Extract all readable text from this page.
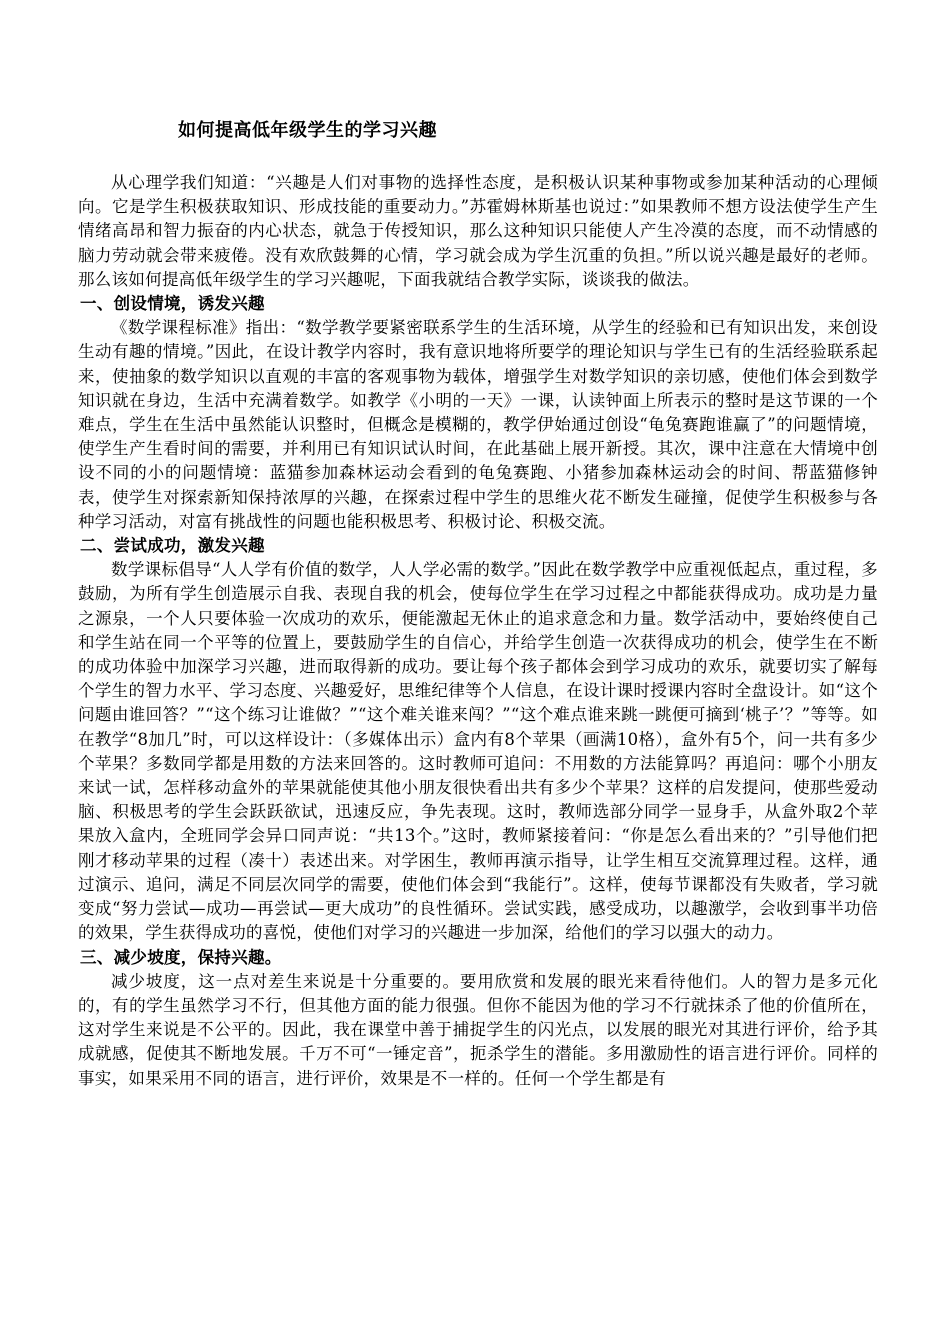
如何提高低年级学生的学习兴趣

从心理学我们知道：“兴趣是人们对事物的选择性态度，是积极认识某种事物或参加某种活动的心理倾向。它是学生积极获取知识、形成技能的重要动力。”苏霍姆林斯基也说过：”如果教师不想方设法使学生产生情绪高昂和智力振奋的内心状态，就急于传授知识，那么这种知识只能使人产生冷漠的态度，而不动情感的脑力劳动就会带来疲倦。没有欢欣鼓舞的心情，学习就会成为学生沉重的负担。”所以说兴趣是最好的老师。那么该如何提高低年级学生的学习兴趣呢，下面我就结合教学实际，谈谈我的做法。

一、创设情境，诱发兴趣

《数学课程标准》指出：“数学教学要紧密联系学生的生活环境，从学生的经验和已有知识出发，来创设生动有趣的情境。”因此，在设计教学内容时，我有意识地将所要学的理论知识与学生已有的生活经验联系起来，使抽象的数学知识以直观的丰富的客观事物为载体，增强学生对数学知识的亲切感，使他们体会到数学知识就在身边，生活中充满着数学。如教学《小明的一天》一课，认读钟面上所表示的整时是这节课的一个难点，学生在生活中虽然能认识整时，但概念是模糊的，教学伊始通过创设“龟兔赛跑谁赢了”的问题情境，使学生产生看时间的需要，并利用已有知识试认时间，在此基础上展开新授。其次，课中注意在大情境中创设不同的小的问题情境：蓝猫参加森林运动会看到的龟兔赛跑、小猪参加森林运动会的时间、帮蓝猫修钟表，使学生对探索新知保持浓厚的兴趣，在探索过程中学生的思维火花不断发生碰撞，促使学生积极参与各种学习活动，对富有挑战性的问题也能积极思考、积极讨论、积极交流。

二、尝试成功，激发兴趣

数学课标倡导“人人学有价值的数学，人人学必需的数学。”因此在数学教学中应重视低起点，重过程，多鼓励，为所有学生创造展示自我、表现自我的机会，使每位学生在学习过程之中都能获得成功。成功是力量之源泉，一个人只要体验一次成功的欢乐，便能激起无休止的追求意念和力量。数学活动中，要始终使自己和学生站在同一个平等的位置上，要鼓励学生的自信心，并给学生创造一次获得成功的机会，使学生在不断的成功体验中加深学习兴趣，进而取得新的成功。要让每个孩子都体会到学习成功的欢乐，就要切实了解每个学生的智力水平、学习态度、兴趣爱好，思维纪律等个人信息，在设计课时授课内容时全盘设计。如“这个问题由谁回答？”“这个练习让谁做？”“这个难关谁来闯？”“这个难点谁来跳一跳便可摘到‘桃子’？”等等。如在教学“8加几”时，可以这样设计：（多媒体出示）盒内有8个苹果（画满10格），盒外有5个，问一共有多少个苹果？多数同学都是用数的方法来回答的。这时教师可追问：不用数的方法能算吗？再追问：哪个小朋友来试一试，怎样移动盒外的苹果就能使其他小朋友很快看出共有多少个苹果？这样的启发提问，使那些爱动脑、积极思考的学生会跃跃欲试，迅速反应，争先表现。这时，教师选部分同学一显身手，从盒外取2个苹果放入盒内，全班同学会异口同声说：“共13个。”这时，教师紧接着问：“你是怎么看出来的？”引导他们把刚才移动苹果的过程（凑十）表述出来。对学困生，教师再演示指导，让学生相互交流算理过程。这样，通过演示、追问，满足不同层次同学的需要，使他们体会到“我能行”。这样，使每节课都没有失败者，学习就变成“努力尝试—成功—再尝试—更大成功”的良性循环。尝试实践，感受成功，以趣激学，会收到事半功倍的效果，学生获得成功的喜悦，使他们对学习的兴趣进一步加深，给他们的学习以强大的动力。

三、减少坡度，保持兴趣。

减少坡度，这一点对差生来说是十分重要的。要用欣赏和发展的眼光来看待他们。人的智力是多元化的，有的学生虽然学习不行，但其他方面的能力很强。但你不能因为他的学习不行就抹杀了他的价值所在，这对学生来说是不公平的。因此，我在课堂中善于捕捉学生的闪光点，以发展的眼光对其进行评价，给予其成就感，促使其不断地发展。千万不可“一锤定音”，扼杀学生的潜能。多用激励性的语言进行评价。同样的事实，如果采用不同的语言，进行评价，效果是不一样的。任何一个学生都是有
